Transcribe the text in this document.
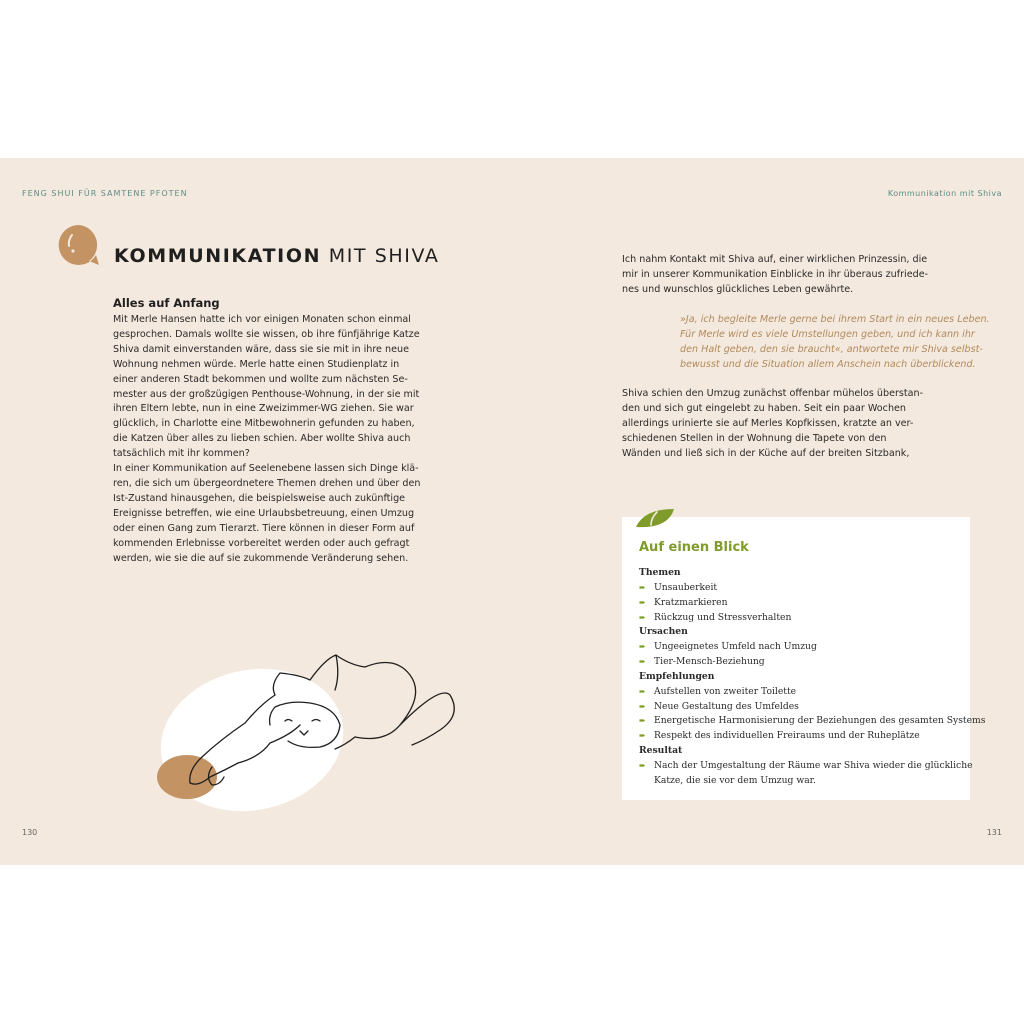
FENG SHUI FÜR SAMTENE PFOTEN	Kommunikation mit Shiva
KOMMUNIKATION MIT SHIVA
Alles auf Anfang

Mit Merle Hansen hatte ich vor einigen Monaten schon einmal

gesprochen. Damals wollte sie wissen, ob ihre fünfjährige Katze

Shiva damit einverstanden wäre, dass sie sie mit in ihre neue

Wohnung nehmen würde. Merle hatte einen Studienplatz in

einer anderen Stadt bekommen und wollte zum nächsten Se-

mester aus der großzügigen Penthouse-Wohnung, in der sie mit

ihren Eltern lebte, nun in eine Zweizimmer-WG ziehen. Sie war

glücklich, in Charlotte eine Mitbewohnerin gefunden zu haben,

die Katzen über alles zu lieben schien. Aber wollte Shiva auch

tatsächlich mit ihr kommen?

In einer Kommunikation auf Seelenebene lassen sich Dinge klä-

ren, die sich um übergeordnetere Themen drehen und über den

Ist-Zustand hinausgehen, die beispielsweise auch zukünftige

Ereignisse betreffen, wie eine Urlaubsbetreuung, einen Umzug

oder einen Gang zum Tierarzt. Tiere können in dieser Form auf

kommenden Erlebnisse vorbereitet werden oder auch gefragt

werden, wie sie die auf sie zukommende Veränderung sehen.

Ich nahm Kontakt mit Shiva auf, einer wirklichen Prinzessin, die

mir in unserer Kommunikation Einblicke in ihr überaus zufriede-

nes und wunschlos glückliches Leben gewährte.

»Ja, ich begleite Merle gerne bei ihrem Start in ein neues Leben.

Für Merle wird es viele Umstellungen geben, und ich kann ihr

den Halt geben, den sie braucht«, antwortete mir Shiva selbst-

bewusst und die Situation allem Anschein nach überblickend.

Shiva schien den Umzug zunächst offenbar mühelos überstan-

den und sich gut eingelebt zu haben. Seit ein paar Wochen

allerdings urinierte sie auf Merles Kopfkissen, kratzte an ver-

schiedenen Stellen in der Wohnung die Tapete von den

Wänden und ließ sich in der Küche auf der breiten Sitzbank,

Auf einen Blick
Themen
➨ Unsauberkeit
➨ Kratzmarkieren
➨ Rückzug und Stressverhalten
Ursachen
➨ Ungeeignetes Umfeld nach Umzug
➨ Tier-Mensch-Beziehung
Empfehlungen
➨ Aufstellen von zweiter Toilette
➨ Neue Gestaltung des Umfeldes
➨ Energetische Harmonisierung der Beziehungen des gesamten Systems
➨ Respekt des individuellen Freiraums und der Ruheplätze
Resultat
➨ Nach der Umgestaltung der Räume war Shiva wieder die glückliche
Katze, die sie vor dem Umzug war.
130	131
